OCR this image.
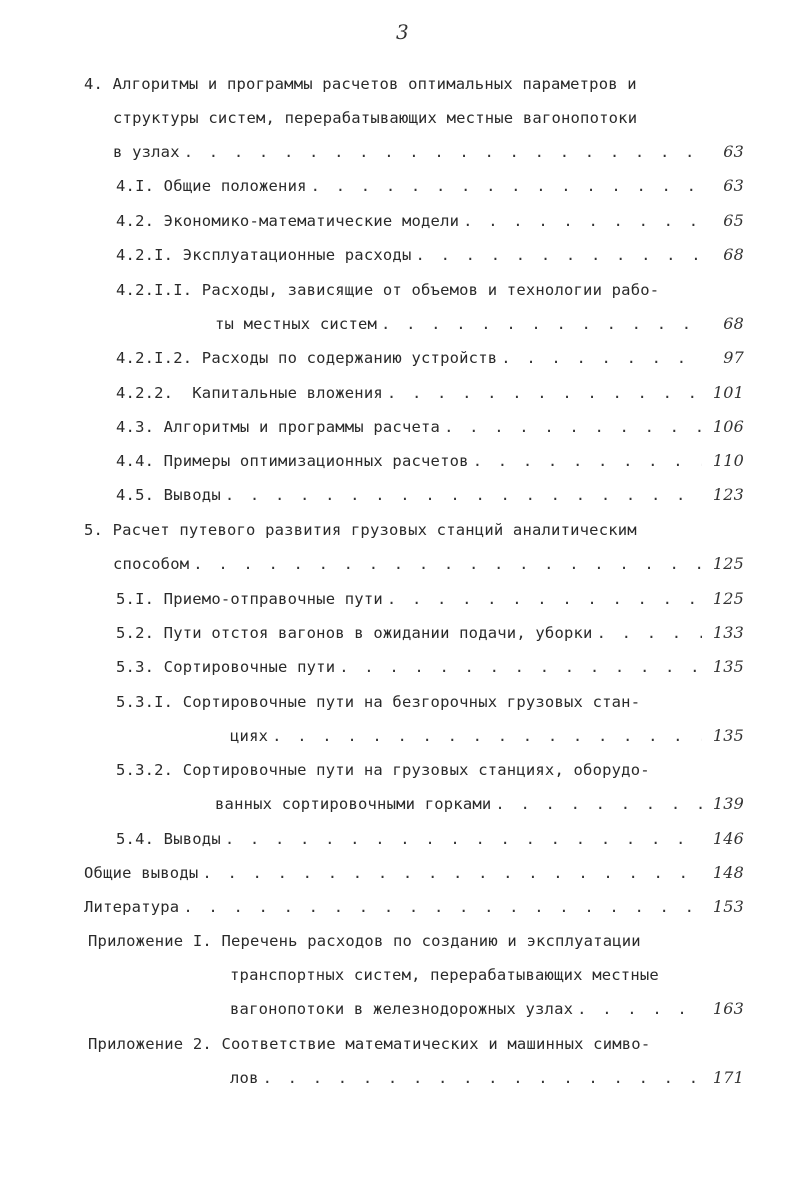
3
4. Алгоритмы и программы расчетов оптимальных параметров и
структуры систем, перерабатывающих местные вагонопотоки
в узлах . . .	63
4.I. Общие положения . . .	63
4.2. Экономико-математические модели . . .	65
4.2.I. Эксплуатационные расходы . . .	68
4.2.I.I. Расходы, зависящие от объемов и технологии рабо-
ты местных систем . . .	68
4.2.I.2. Расходы по содержанию устройств . . .	97
4.2.2.  Капитальные вложения . . .	101
4.3. Алгоритмы и программы расчета . . .	106
4.4. Примеры оптимизационных расчетов . . .	110
4.5. Выводы . . .	123
5. Расчет путевого развития грузовых станций аналитическим
способом . . .	125
5.I. Приемо-отправочные пути . . .	125
5.2. Пути отстоя вагонов в ожидании подачи, уборки . . .	133
5.3. Сортировочные пути . . .	135
5.3.I. Сортировочные пути на безгорочных грузовых стан-
циях . . .	135
5.3.2. Сортировочные пути на грузовых станциях, оборудо-
ванных сортировочными горками . . .	139
5.4. Выводы . . .	146
Общие выводы . . .	148
Литература . . .	153
Приложение I. Перечень расходов по созданию и эксплуатации
транспортных систем, перерабатывающих местные
вагонопотоки в железнодорожных узлах . . .	163
Приложение 2. Соответствие математических и машинных симво-
лов . . .	171
